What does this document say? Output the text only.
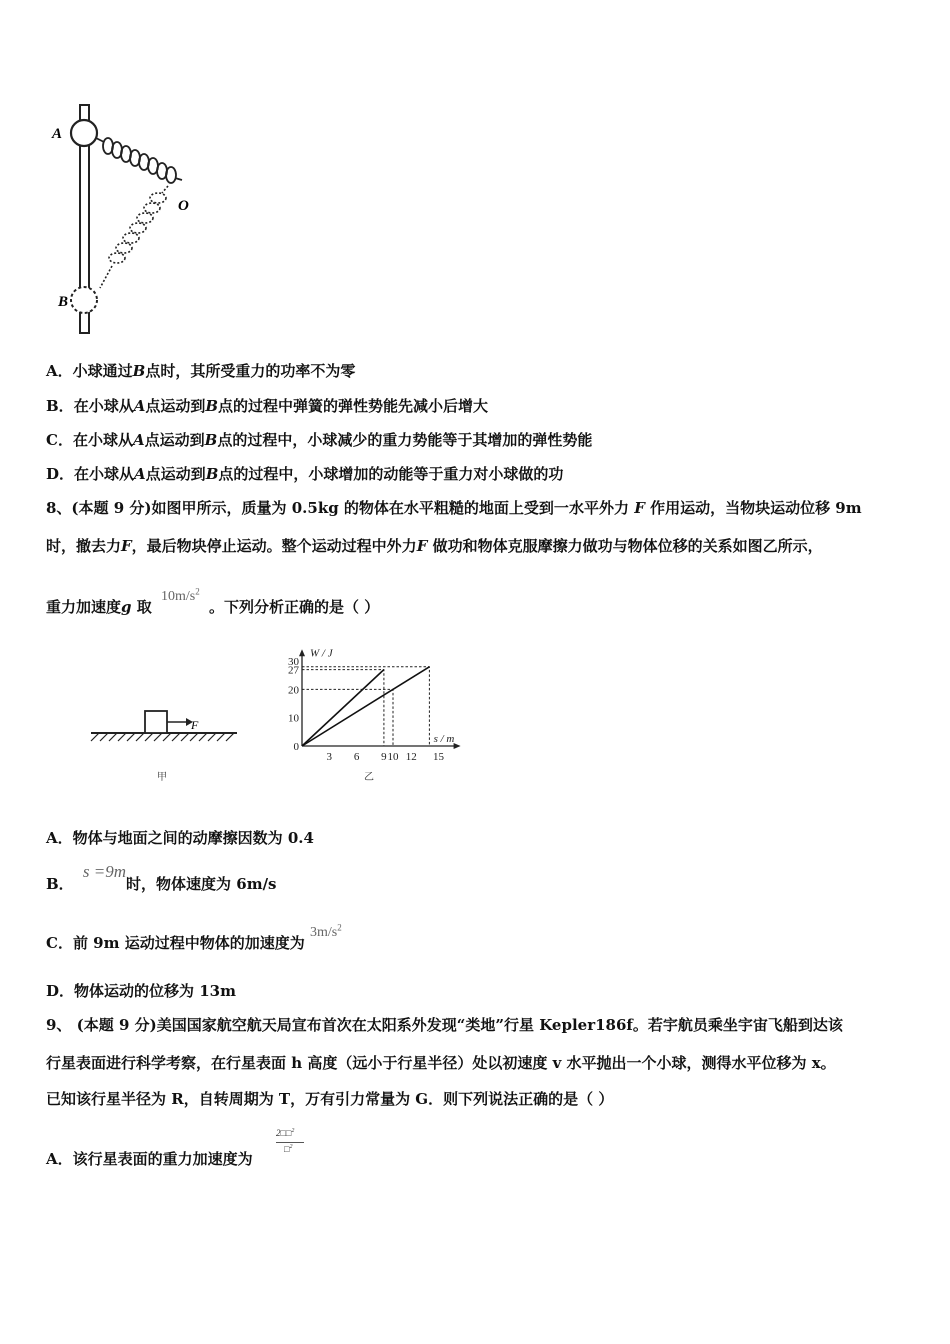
A
B
O
A．小球通过B点时，其所受重力的功率不为零
B．在小球从A点运动到B点的过程中弹簧的弹性势能先减小后增大
C．在小球从A点运动到B点的过程中，小球减少的重力势能等于其增加的弹性势能
D．在小球从A点运动到B点的过程中，小球增加的动能等于重力对小球做的功
8、(本题 9 分)如图甲所示，质量为 0.5kg 的物体在水平粗糙的地面上受到一水平外力 F 作用运动，当物块运动位移 9m
时，撤去力F，最后物块停止运动。整个运动过程中外力F 做功和物体克服摩擦力做功与物体位移的关系如图乙所示，
重力加速度g 取 $10m/s^2$ 。下列分析正确的是（ ）
F
甲
3 6 9 10 12 15
0
10
20
27
30
W / J
s / m
乙
A．物体与地面之间的动摩擦因数为 0.4
B． s =9m时，物体速度为 6m/s
C．前 9m 运动过程中物体的加速度为 $3m/s^2$
D．物体运动的位移为 13m
9、 (本题 9 分)美国国家航空航天局宣布首次在太阳系外发现“类地”行星 Kepler186f。若宇航员乘坐宇宙飞船到达该
行星表面进行科学考察，在行星表面 h 高度（远小于行星半径）处以初速度 v 水平抛出一个小球，测得水平位移为 x。
已知该行星半径为 R，自转周期为 T，万有引力常量为 G．则下列说法正确的是（ ）
A．该行星表面的重力加速度为
2□□$^2$
□$^2$
